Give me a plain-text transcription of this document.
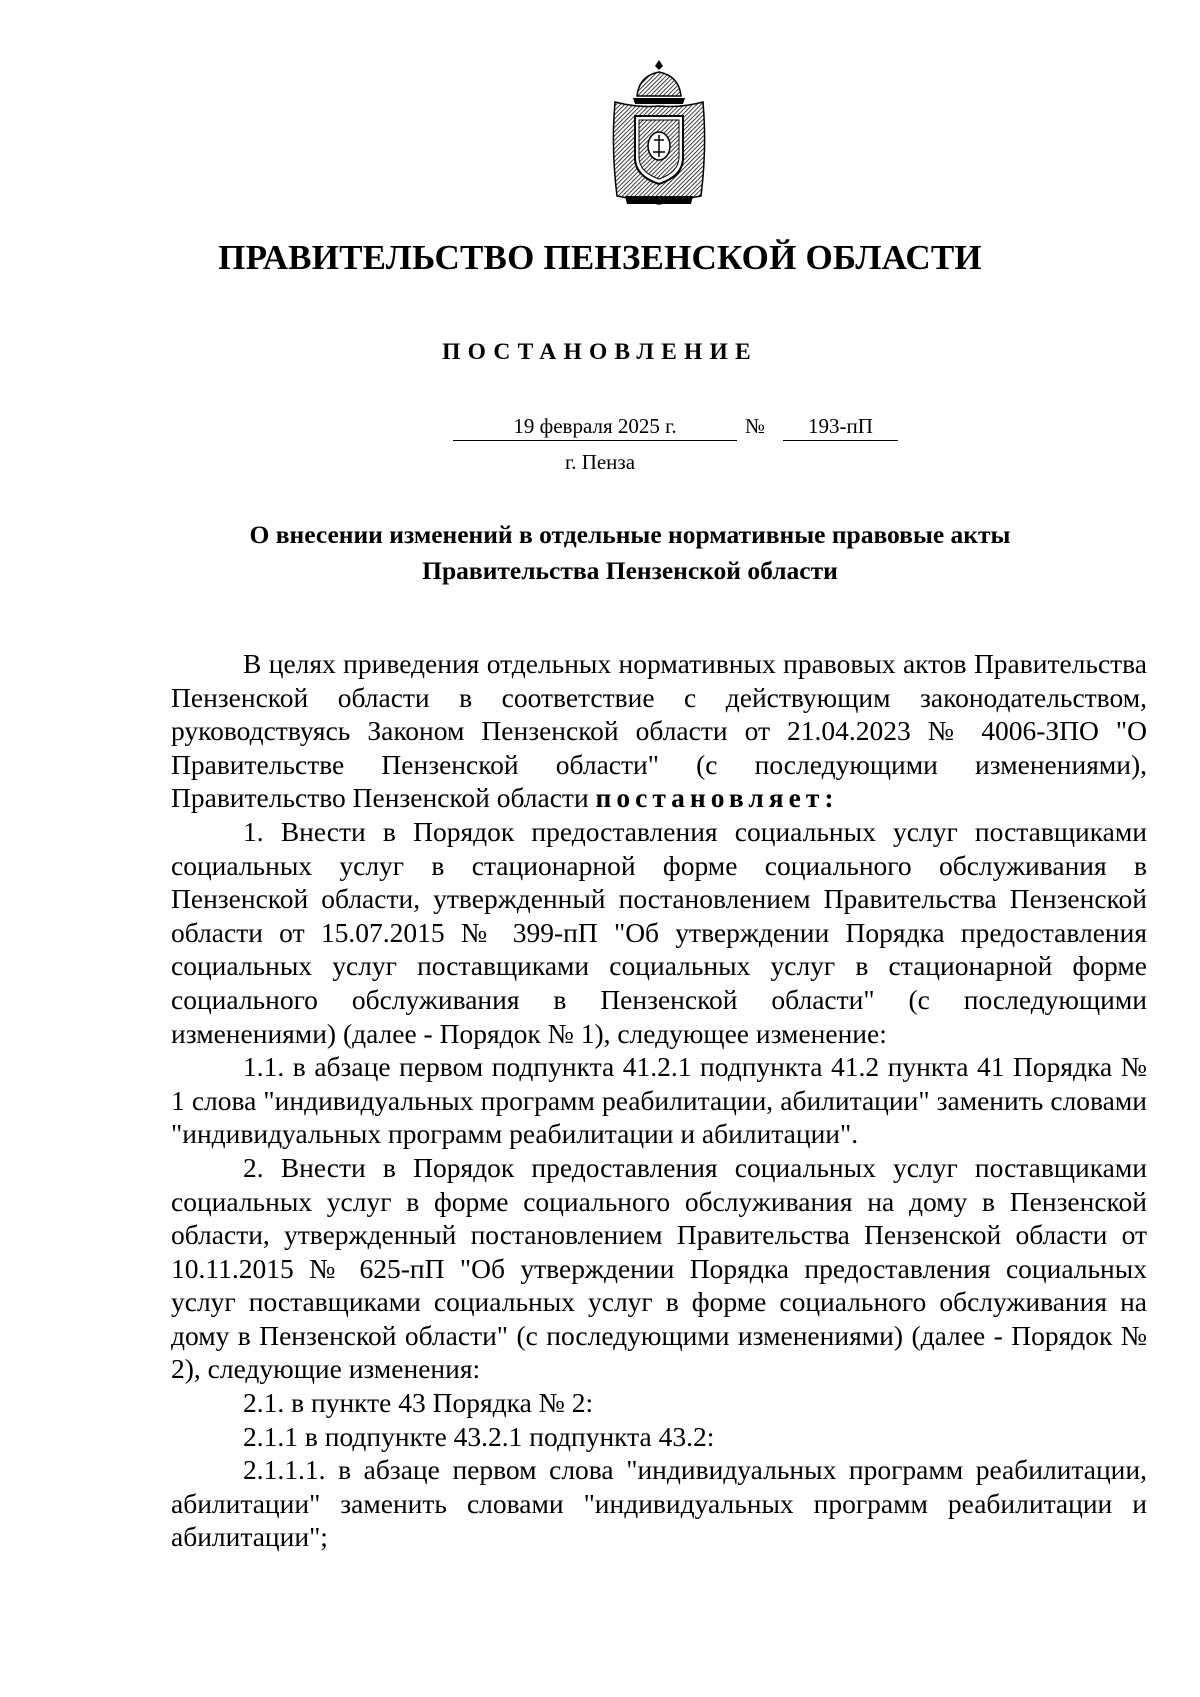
ПРАВИТЕЛЬСТВО ПЕНЗЕНСКОЙ ОБЛАСТИ
ПОСТАНОВЛЕНИЕ
19 февраля 2025 г.	№	193-пП
г. Пенза
О внесении изменений в отдельные нормативные правовые акты
Правительства Пензенской области

В целях приведения отдельных нормативных правовых актов Правительства Пензенской области в соответствие с действующим законодательством, руководствуясь Законом Пензенской области от 21.04.2023 № 4006-ЗПО "О Правительстве Пензенской области" (с последующими изменениями), Правительство Пензенской области постановляет:

1. Внести в Порядок предоставления социальных услуг поставщиками социальных услуг в стационарной форме социального обслуживания в Пензенской области, утвержденный постановлением Правительства Пензенской области от 15.07.2015 № 399-пП "Об утверждении Порядка предоставления социальных услуг поставщиками социальных услуг в стационарной форме социального обслуживания в Пензенской области" (с последующими изменениями) (далее - Порядок № 1), следующее изменение:

1.1. в абзаце первом подпункта 41.2.1 подпункта 41.2 пункта 41 Порядка № 1 слова "индивидуальных программ реабилитации, абилитации" заменить словами "индивидуальных программ реабилитации и абилитации".

2. Внести в Порядок предоставления социальных услуг поставщиками социальных услуг в форме социального обслуживания на дому в Пензенской области, утвержденный постановлением Правительства Пензенской области от 10.11.2015 № 625-пП "Об утверждении Порядка предоставления социальных услуг поставщиками социальных услуг в форме социального обслуживания на дому в Пензенской области" (с последующими изменениями) (далее - Порядок № 2), следующие изменения:

2.1. в пункте 43 Порядка № 2:

2.1.1 в подпункте 43.2.1 подпункта 43.2:

2.1.1.1. в абзаце первом слова "индивидуальных программ реабилитации, абилитации" заменить словами "индивидуальных программ реабилитации и абилитации";
